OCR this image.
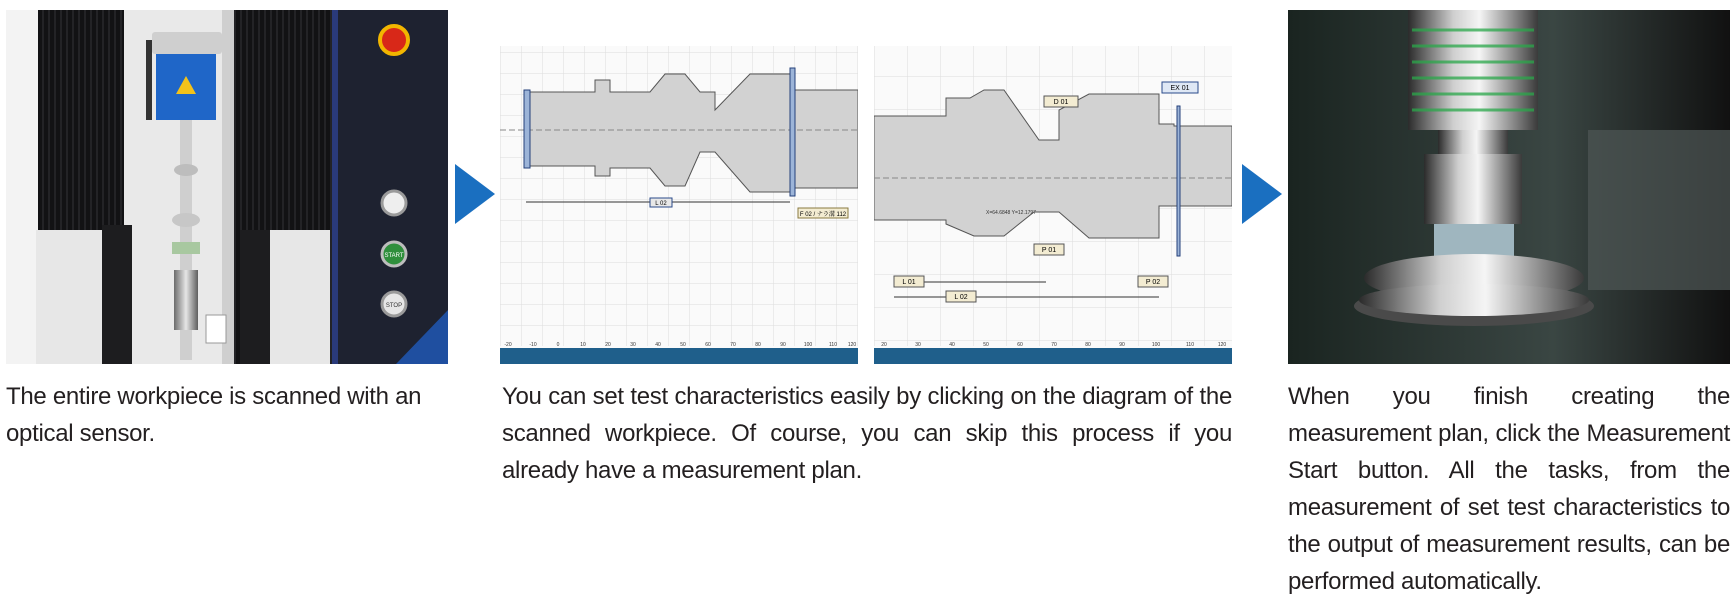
START
STOP
The entire workpiece is scanned with an optical sensor.
L 02
F 02 / ナラ溝 112
-20	-10	0	10	20	30	40	50	60	70	80	90	100	110 120
D 01
EX 01
P 01
L 01
L 02
P 02
X=64.6848 Y=12.1797
20	30	40	50	60	70	80	90	100	110	120
You can set test characteristics easily by clicking on the diagram of the scanned workpiece. Of course, you can skip this process if you already have a measurement plan.
When you finish creating the measurement plan, click the Measurement Start button. All the tasks, from the measurement of set test characteristics to the output of measurement results, can be performed automatically.
